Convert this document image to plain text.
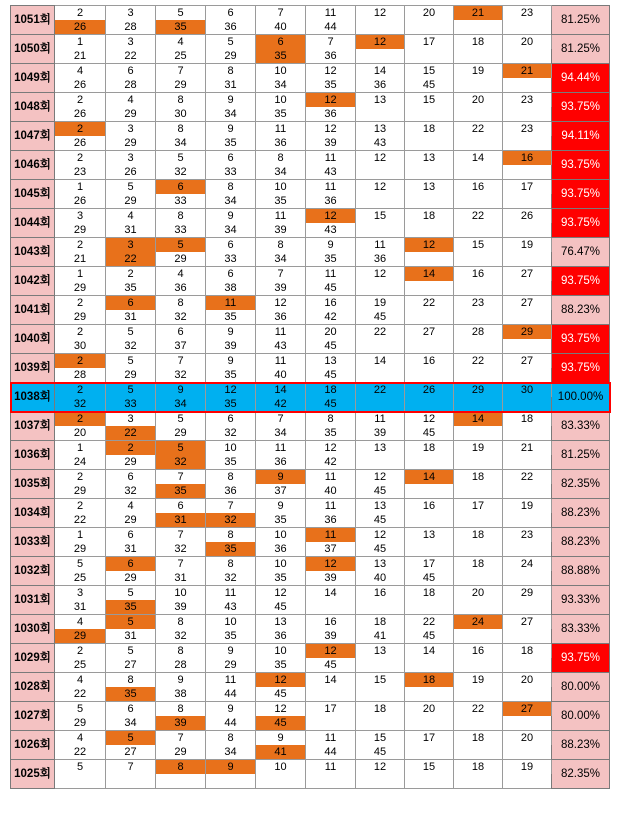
1051회	2	3	5	6	7	11	12	20	21	23	81.25%
	26	28	35	36	40	44					
1050회	1	3	4	5	6	7	12	17	18	20	81.25%
	21	22	25	29	35	36					
1049회	4	6	7	8	10	12	14	15	19	21	94.44%
	26	28	29	31	34	35	36	45			
1048회	2	4	8	9	10	12	13	15	20	23	93.75%
	26	29	30	34	35	36					
1047회	2	3	8	9	11	12	13	18	22	23	94.11%
	26	29	34	35	36	39	43				
1046회	2	3	5	6	8	11	12	13	14	16	93.75%
	23	26	32	33	34	43					
1045회	1	5	6	8	10	11	12	13	16	17	93.75%
	26	29	33	34	35	36					
1044회	3	4	8	9	11	12	15	18	22	26	93.75%
	29	31	33	34	39	43					
1043회	2	3	5	6	8	9	11	12	15	19	76.47%
	21	22	29	33	34	35	36				
1042회	1	2	4	6	7	11	12	14	16	27	93.75%
	29	35	36	38	39	45					
1041회	2	6	8	11	12	16	19	22	23	27	88.23%
	29	31	32	35	36	42	45				
1040회	2	5	6	9	11	20	22	27	28	29	93.75%
	30	32	37	39	43	45					
1039회	2	5	7	9	11	13	14	16	22	27	93.75%
	28	29	32	35	40	45					
1038회	2	5	9	12	14	18	22	26	29	30	100.00%
	32	33	34	35	42	45					
1037회	2	3	5	6	7	8	11	12	14	18	83.33%
	20	22	29	32	34	35	39	45			
1036회	1	2	5	10	11	12	13	18	19	21	81.25%
	24	29	32	35	36	42					
1035회	2	6	7	8	9	11	12	14	18	22	82.35%
	29	32	35	36	37	40	45				
1034회	2	4	6	7	9	11	13	16	17	19	88.23%
	22	29	31	32	35	36	45				
1033회	1	6	7	8	10	11	12	13	18	23	88.23%
	29	31	32	35	36	37	45				
1032회	5	6	7	8	10	12	13	17	18	24	88.88%
	25	29	31	32	35	39	40	45			
1031회	3	5	10	11	12	14	16	18	20	29	93.33%
	31	35	39	43	45						
1030회	4	5	8	10	13	16	18	22	24	27	83.33%
	29	31	32	35	36	39	41	45			
1029회	2	5	8	9	10	12	13	14	16	18	93.75%
	25	27	28	29	35	45					
1028회	4	8	9	11	12	14	15	18	19	20	80.00%
	22	35	38	44	45						
1027회	5	6	8	9	12	17	18	20	22	27	80.00%
	29	34	39	44	45						
1026회	4	5	7	8	9	11	15	17	18	20	88.23%
	22	27	29	34	41	44	45				
1025회	5	7	8	9	10	11	12	15	18	19	82.35%
